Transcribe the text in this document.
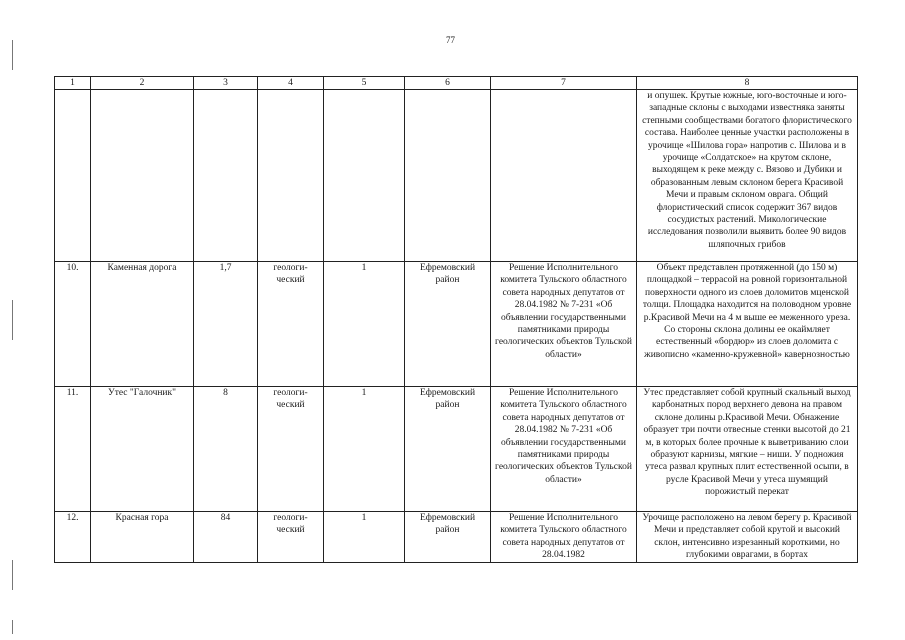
77
1	2	3	4	5	6	7	8
							и опушек. Крутые южные, юго-восточные и юго-западные склоны с выходами известняка заняты степными сообществами богатого флористического состава. Наиболее ценные участки расположены в урочище «Шилова гора» напротив с. Шилова и в урочище «Солдатское» на крутом склоне, выходящем к реке между с. Вязово и Дубики и образованным левым склоном берега Красивой Мечи и правым склоном оврага. Общий флористический список содержит 367 видов сосудистых растений. Микологические исследования позволили выявить более 90 видов шляпочных грибов
10.	Каменная дорога	1,7	геологи-ческий	1	Ефремовский район	Решение Исполнительного комитета Тульского областного совета народных депутатов от 28.04.1982 № 7-231 «Об объявлении государственными памятниками природы геологических объектов Тульской области»	Объект представлен протяженной (до 150 м) площадкой – террасой на ровной горизонтальной поверхности одного из слоев доломитов мценской толщи. Площадка находится на половодном уровне р.Красивой Мечи на 4 м выше ее меженного уреза. Со стороны склона долины ее окаймляет естественный «бордюр» из слоев доломита с живописно «каменно-кружевной» кавернозностью
11.	Утес "Галочник"	8	геологи-ческий	1	Ефремовский район	Решение Исполнительного комитета Тульского областного совета народных депутатов от 28.04.1982 № 7-231 «Об объявлении государственными памятниками природы геологических объектов Тульской области»	Утес представляет собой крупный скальный выход карбонатных пород верхнего девона на правом склоне долины р.Красивой Мечи. Обнажение образует три почти отвесные стенки высотой до 21 м, в которых более прочные к выветриванию слои образуют карнизы, мягкие – ниши. У подножия утеса развал крупных плит естественной осыпи, в русле Красивой Мечи у утеса шумящий порожистый перекат
12.	Красная гора	84	геологи-ческий	1	Ефремовский район	Решение Исполнительного комитета Тульского областного совета народных депутатов от 28.04.1982	Урочище расположено на левом берегу р. Красивой Мечи и представляет собой крутой и высокий склон, интенсивно изрезанный короткими, но глубокими оврагами, в бортах
